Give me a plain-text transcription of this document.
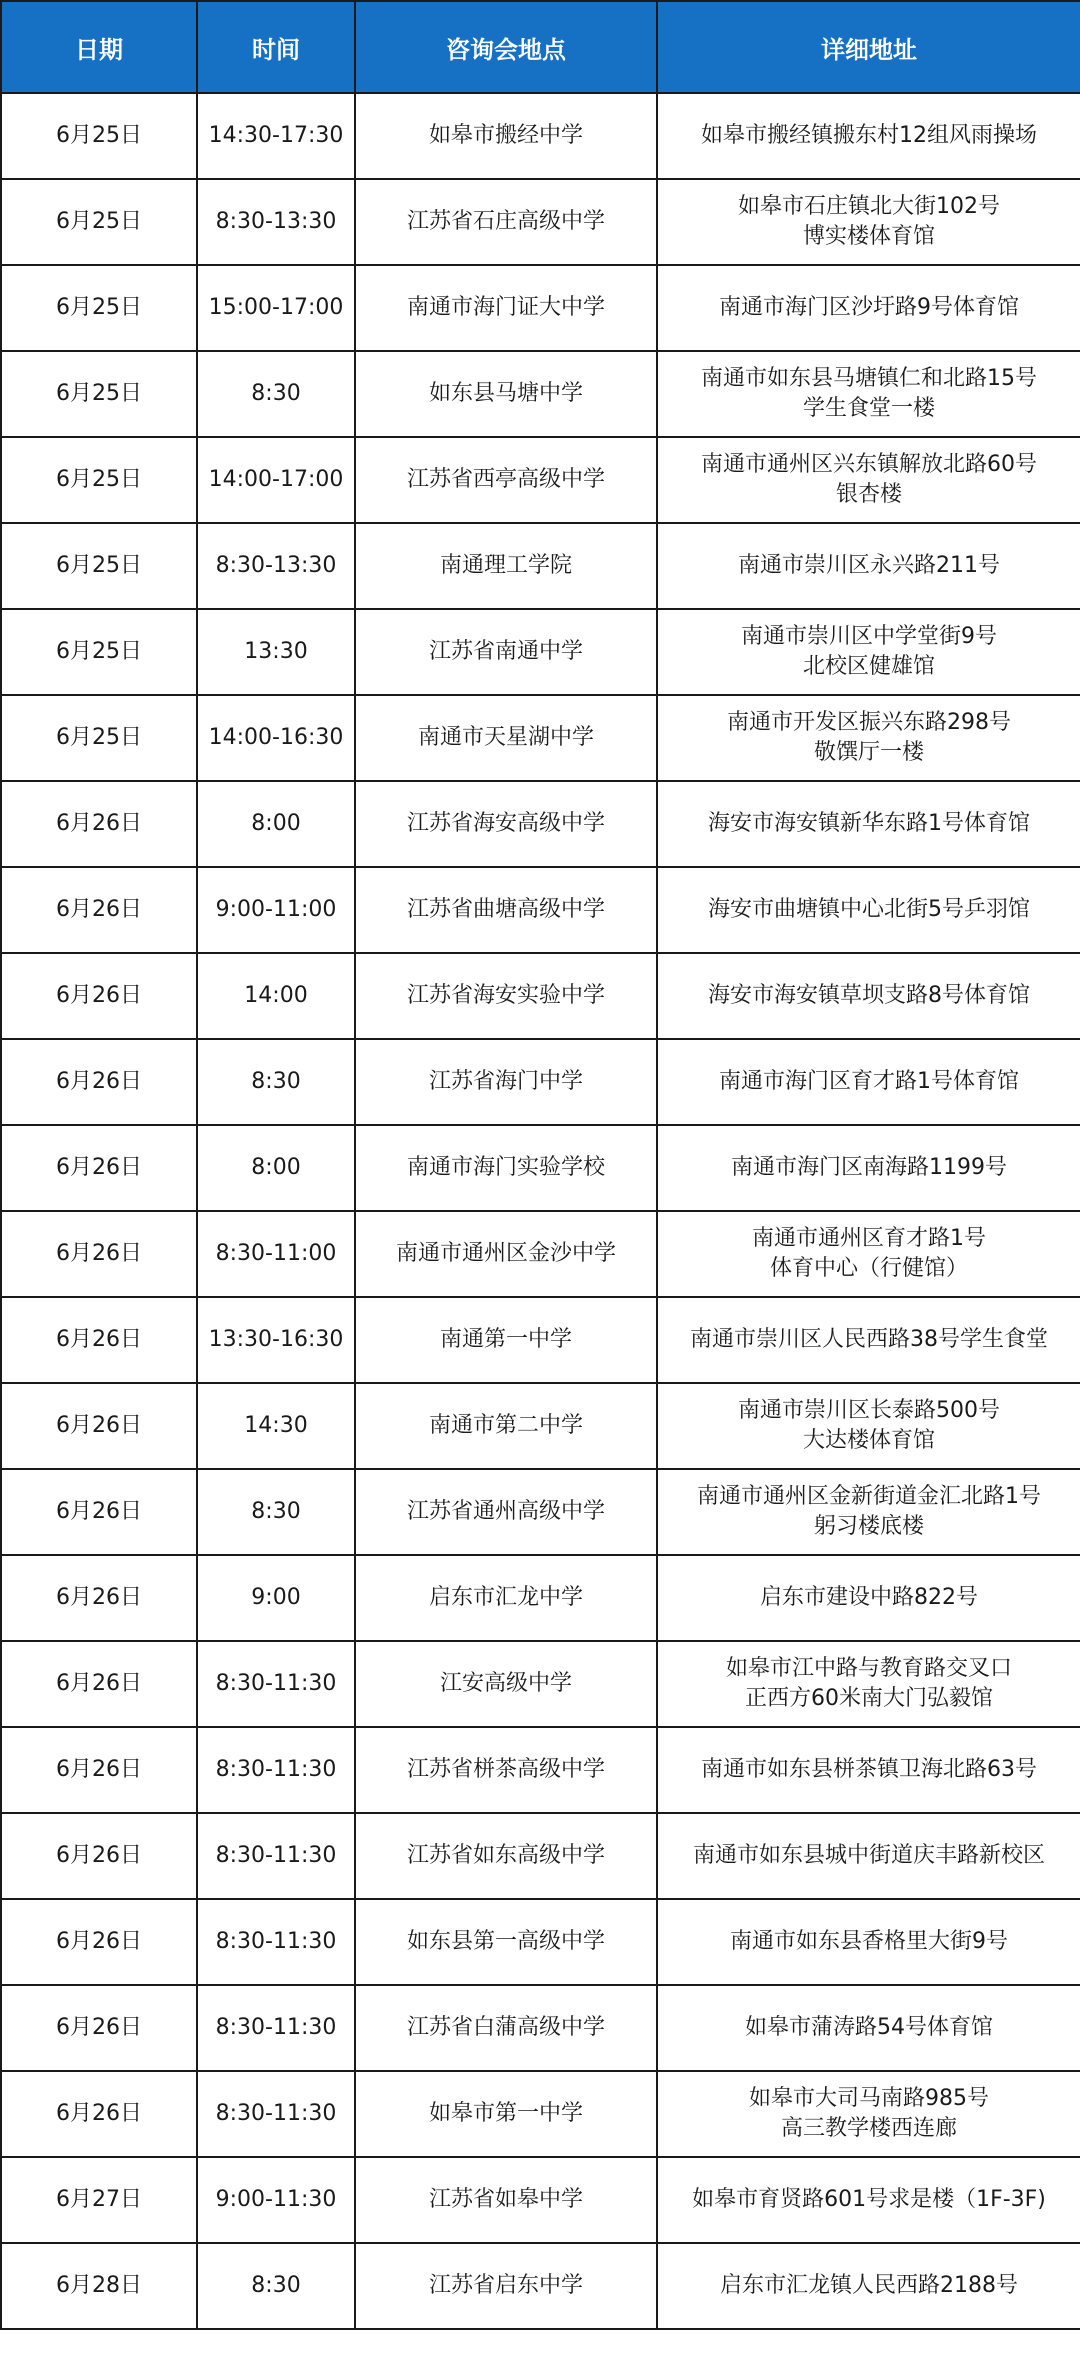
日期	时间	咨询会地点	详细地址
6月25日	14:30-17:30	如皋市搬经中学	如皋市搬经镇搬东村12组风雨操场

6月25日	8:30-13:30	江苏省石庄高级中学	如皋市石庄镇北大街102号
博实楼体育馆

6月25日	15:00-17:00	南通市海门证大中学	南通市海门区沙圩路9号体育馆

6月25日	8:30	如东县马塘中学	南通市如东县马塘镇仁和北路15号
学生食堂一楼

6月25日	14:00-17:00	江苏省西亭高级中学	南通市通州区兴东镇解放北路60号
银杏楼

6月25日	8:30-13:30	南通理工学院	南通市崇川区永兴路211号

6月25日	13:30	江苏省南通中学	南通市崇川区中学堂街9号
北校区健雄馆

6月25日	14:00-16:30	南通市天星湖中学	南通市开发区振兴东路298号
敬馔厅一楼

6月26日	8:00	江苏省海安高级中学	海安市海安镇新华东路1号体育馆

6月26日	9:00-11:00	江苏省曲塘高级中学	海安市曲塘镇中心北街5号乒羽馆

6月26日	14:00	江苏省海安实验中学	海安市海安镇草坝支路8号体育馆

6月26日	8:30	江苏省海门中学	南通市海门区育才路1号体育馆

6月26日	8:00	南通市海门实验学校	南通市海门区南海路1199号

6月26日	8:30-11:00	南通市通州区金沙中学	南通市通州区育才路1号
体育中心（行健馆）

6月26日	13:30-16:30	南通第一中学	南通市崇川区人民西路38号学生食堂

6月26日	14:30	南通市第二中学	南通市崇川区长泰路500号
大达楼体育馆

6月26日	8:30	江苏省通州高级中学	南通市通州区金新街道金汇北路1号
躬习楼底楼

6月26日	9:00	启东市汇龙中学	启东市建设中路822号

6月26日	8:30-11:30	江安高级中学	如皋市江中路与教育路交叉口
正西方60米南大门弘毅馆

6月26日	8:30-11:30	江苏省栟茶高级中学	南通市如东县栟茶镇卫海北路63号

6月26日	8:30-11:30	江苏省如东高级中学	南通市如东县城中街道庆丰路新校区

6月26日	8:30-11:30	如东县第一高级中学	南通市如东县香格里大街9号

6月26日	8:30-11:30	江苏省白蒲高级中学	如皋市蒲涛路54号体育馆

6月26日	8:30-11:30	如皋市第一中学	如皋市大司马南路985号
高三教学楼西连廊

6月27日	9:00-11:30	江苏省如皋中学	如皋市育贤路601号求是楼（1F-3F)

6月28日	8:30	江苏省启东中学	启东市汇龙镇人民西路2188号
